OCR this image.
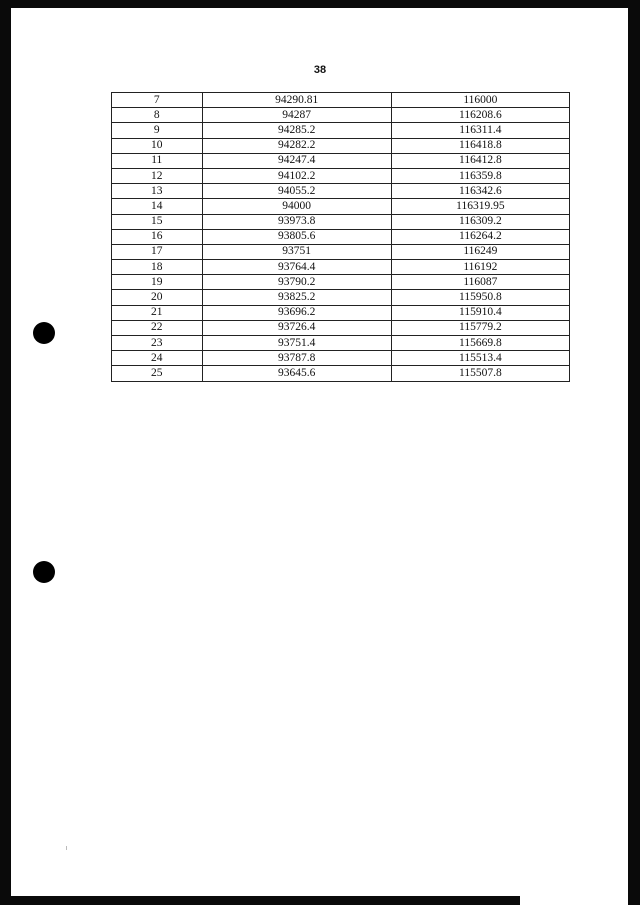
38
7	94290.81	116000
8	94287	116208.6
9	94285.2	116311.4
10	94282.2	116418.8
11	94247.4	116412.8
12	94102.2	116359.8
13	94055.2	116342.6
14	94000	116319.95
15	93973.8	116309.2
16	93805.6	116264.2
17	93751	116249
18	93764.4	116192
19	93790.2	116087
20	93825.2	115950.8
21	93696.2	115910.4
22	93726.4	115779.2
23	93751.4	115669.8
24	93787.8	115513.4
25	93645.6	115507.8
